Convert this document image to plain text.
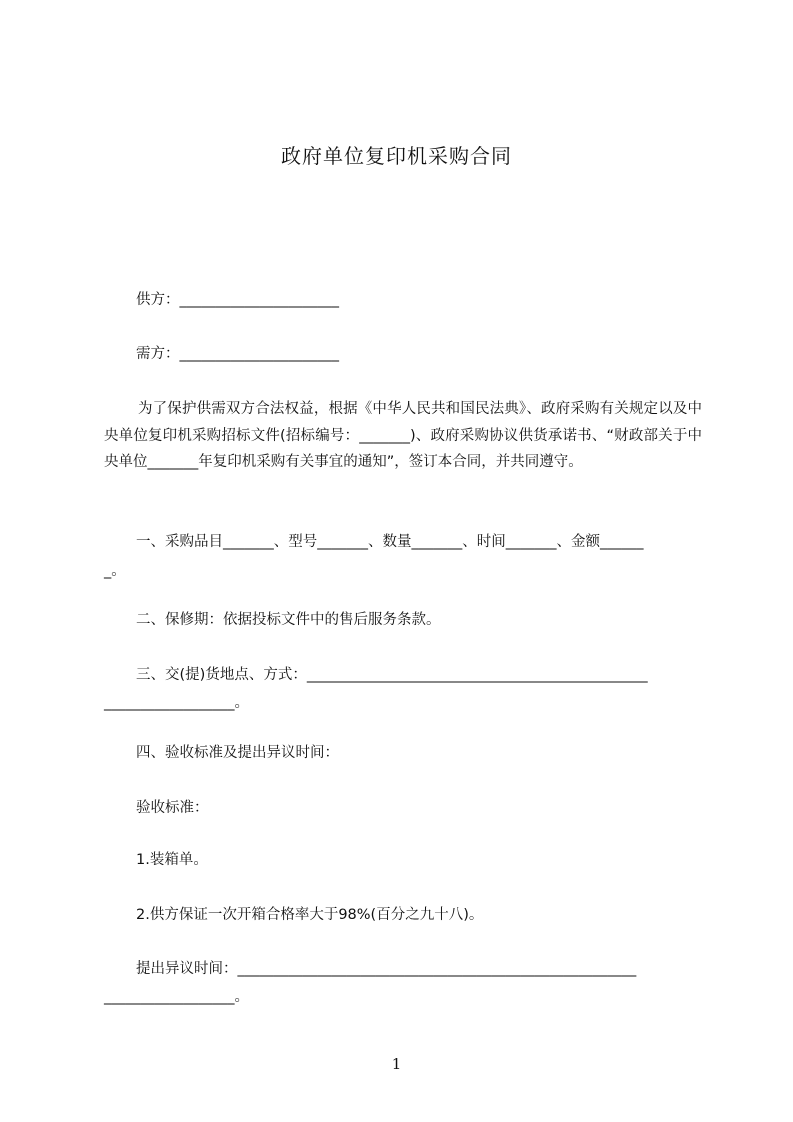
政府单位复印机采购合同
供方：______________________
需方：______________________
为了保护供需双方合法权益，根据《中华人民共和国民法典》、政府采购有关规定以及中央单位复印机采购招标文件(招标编号：_______)、政府采购协议供货承诺书、“财政部关于中央单位_______年复印机采购有关事宜的通知”，签订本合同，并共同遵守。
一、采购品目_______、型号_______、数量_______、时间_______、金额______
_。
二、保修期：依据投标文件中的售后服务条款。
三、交(提)货地点、方式：_______________________________________________
__________________。
四、验收标准及提出异议时间：
验收标准：
1.装箱单。
2.供方保证一次开箱合格率大于98%(百分之九十八)。
提出异议时间：_______________________________________________________
__________________。
1
